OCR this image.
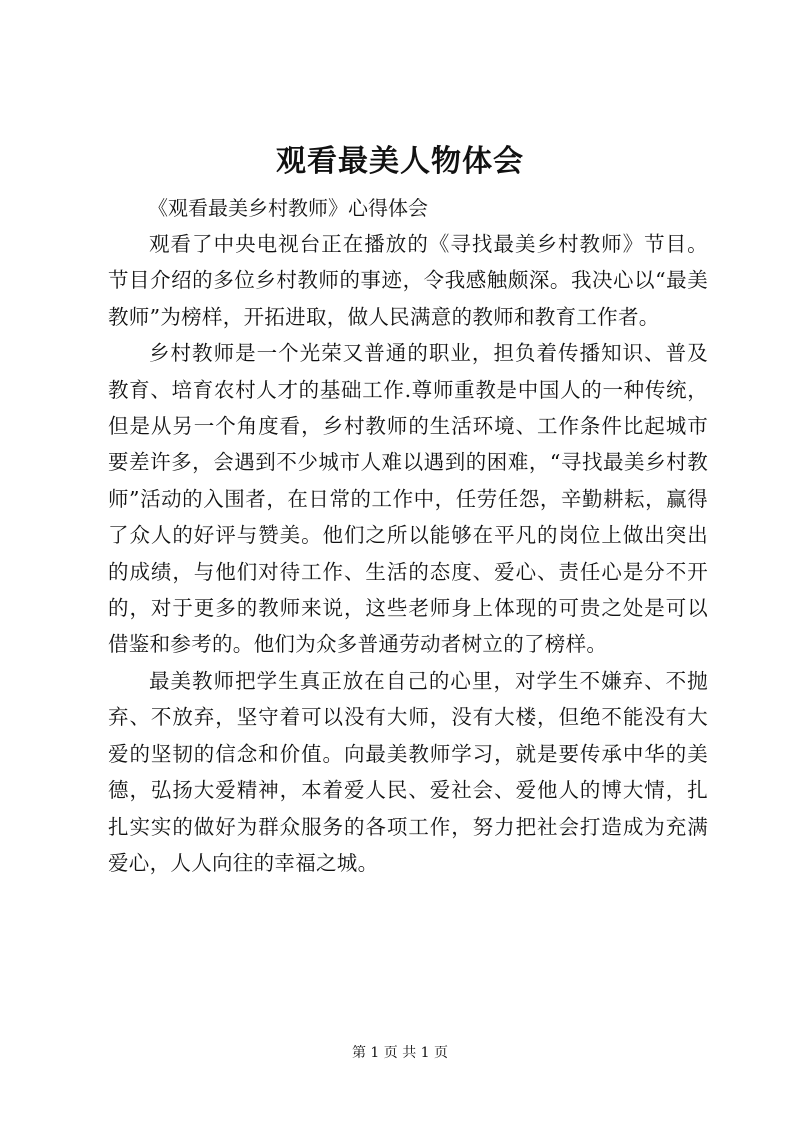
观看最美人物体会

《观看最美乡村教师》心得体会

观看了中央电视台正在播放的《寻找最美乡村教师》节目。节目介绍的多位乡村教师的事迹，令我感触颇深。我决心以“最美教师”为榜样，开拓进取，做人民满意的教师和教育工作者。

乡村教师是一个光荣又普通的职业，担负着传播知识、普及教育、培育农村人才的基础工作.尊师重教是中国人的一种传统，但是从另一个角度看，乡村教师的生活环境、工作条件比起城市要差许多，会遇到不少城市人难以遇到的困难，“寻找最美乡村教师”活动的入围者，在日常的工作中，任劳任怨，辛勤耕耘，赢得了众人的好评与赞美。他们之所以能够在平凡的岗位上做出突出的成绩，与他们对待工作、生活的态度、爱心、责任心是分不开的，对于更多的教师来说，这些老师身上体现的可贵之处是可以借鉴和参考的。他们为众多普通劳动者树立的了榜样。

最美教师把学生真正放在自己的心里，对学生不嫌弃、不抛弃、不放弃，坚守着可以没有大师，没有大楼，但绝不能没有大爱的坚韧的信念和价值。向最美教师学习，就是要传承中华的美德，弘扬大爱精神，本着爱人民、爱社会、爱他人的博大情，扎扎实实的做好为群众服务的各项工作，努力把社会打造成为充满爱心，人人向往的幸福之城。

第 1 页 共 1 页
